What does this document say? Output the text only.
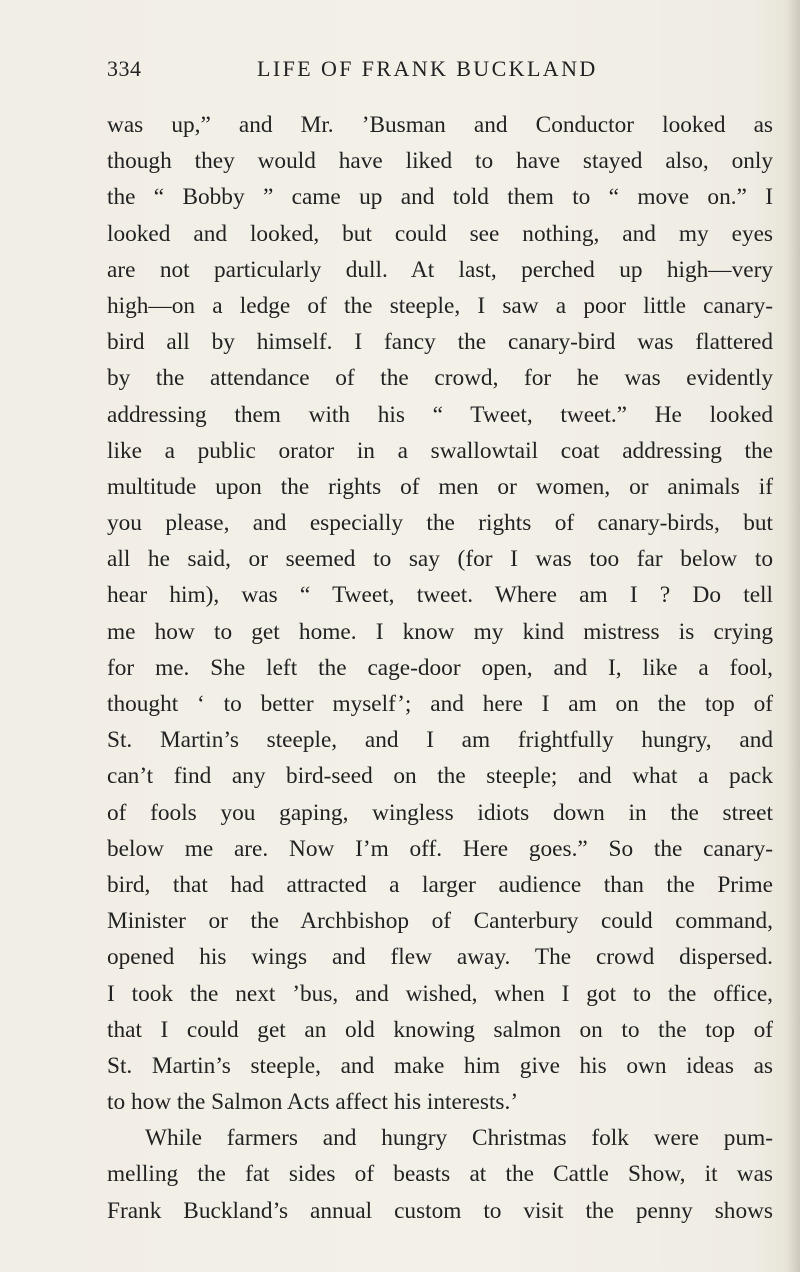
334	LIFE OF FRANK BUCKLAND
was up,” and Mr. ’Busman and Conductor looked as
though they would have liked to have stayed also, only
the “ Bobby ” came up and told them to “ move on.” I
looked and looked, but could see nothing, and my eyes
are not particularly dull. At last, perched up high—very
high—on a ledge of the steeple, I saw a poor little canary-
bird all by himself. I fancy the canary-bird was flattered
by the attendance of the crowd, for he was evidently
addressing them with his “ Tweet, tweet.” He looked
like a public orator in a swallowtail coat addressing the
multitude upon the rights of men or women, or animals if
you please, and especially the rights of canary-birds, but
all he said, or seemed to say (for I was too far below to
hear him), was “ Tweet, tweet. Where am I ? Do tell
me how to get home. I know my kind mistress is crying
for me. She left the cage-door open, and I, like a fool,
thought ‘ to better myself’; and here I am on the top of
St. Martin’s steeple, and I am frightfully hungry, and
can’t find any bird-seed on the steeple; and what a pack
of fools you gaping, wingless idiots down in the street
below me are. Now I’m off. Here goes.” So the canary-
bird, that had attracted a larger audience than the Prime
Minister or the Archbishop of Canterbury could command,
opened his wings and flew away. The crowd dispersed.
I took the next ’bus, and wished, when I got to the office,
that I could get an old knowing salmon on to the top of
St. Martin’s steeple, and make him give his own ideas as
to how the Salmon Acts affect his interests.’
While farmers and hungry Christmas folk were pum-
melling the fat sides of beasts at the Cattle Show, it was
Frank Buckland’s annual custom to visit the penny shows
